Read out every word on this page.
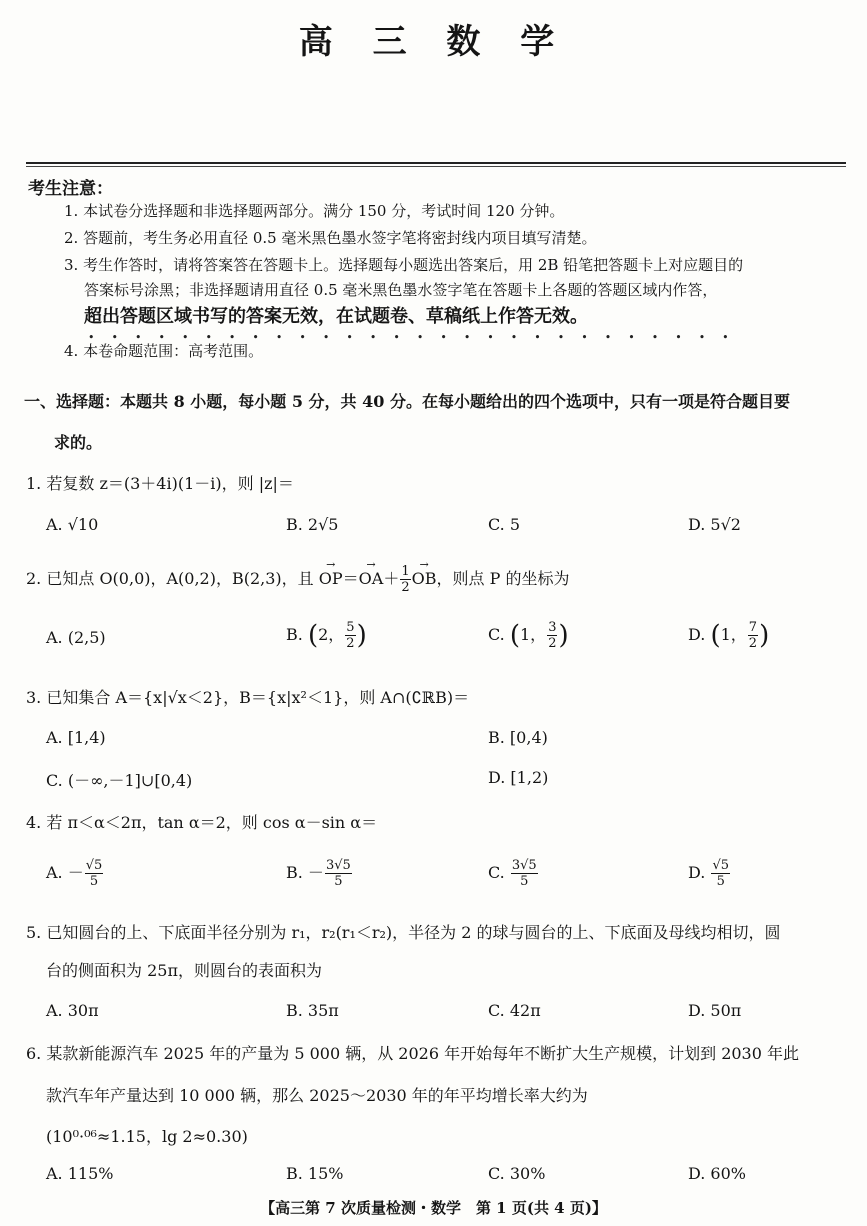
高 三 数 学
考生注意：
1. 本试卷分选择题和非选择题两部分。满分 150 分，考试时间 120 分钟。
2. 答题前，考生务必用直径 0.5 毫米黑色墨水签字笔将密封线内项目填写清楚。
3. 考生作答时，请将答案答在答题卡上。选择题每小题选出答案后，用 2B 铅笔把答题卡上对应题目的
答案标号涂黑；非选择题请用直径 0.5 毫米黑色墨水签字笔在答题卡上各题的答题区域内作答，
超出答题区域书写的答案无效，在试题卷、草稿纸上作答无效。
••••••••••••••••••••••••••••
4. 本卷命题范围：高考范围。
一、选择题：本题共 8 小题，每小题 5 分，共 40 分。在每小题给出的四个选项中，只有一项是符合题目要
求的。
1. 若复数 z＝(3＋4i)(1－i)，则 |z|＝
A. √10	B. 2√5	C. 5	D. 5√2
2. 已知点 O(0,0)，A(0,2)，B(2,3)，且 → $OP=\to OA+ \frac{1}{2}$
→ OB，则点 P 的坐标为
A. (2,5)	B. (2， $\frac{5}{2}$ )	C. (1， $\frac{3}{2}$ )	D. (1， $\frac{7}{2}$ )
3. 已知集合 A＝{x|√x＜2}，B＝{x|x²＜1}，则 A∩(∁ℝB)＝
A. [1,4)	B. [0,4)
C. (－∞,－1]∪[0,4)	D. [1,2)
4. 若 π＜α＜2π，tan α＝2，则 cos α－sin α＝
A. － $\frac{√5}{5}$	B. － $\frac{3√5}{5}$	C. $\frac{3√5}{5}$	D. $\frac{√5}{5}$
5. 已知圆台的上、下底面半径分别为 r₁，r₂(r₁＜r₂)，半径为 2 的球与圆台的上、下底面及母线均相切，圆
台的侧面积为 25π，则圆台的表面积为
A. 30π	B. 35π	C. 42π	D. 50π
6. 某款新能源汽车 2025 年的产量为 5 000 辆，从 2026 年开始每年不断扩大生产规模，计划到 2030 年此
款汽车年产量达到 10 000 辆，那么 2025～2030 年的年平均增长率大约为
(10⁰·⁰⁶≈1.15，lg 2≈0.30)
A. 115%	B. 15%	C. 30%	D. 60%
【高三第 7 次质量检测・数学　第 1 页(共 4 页)】
